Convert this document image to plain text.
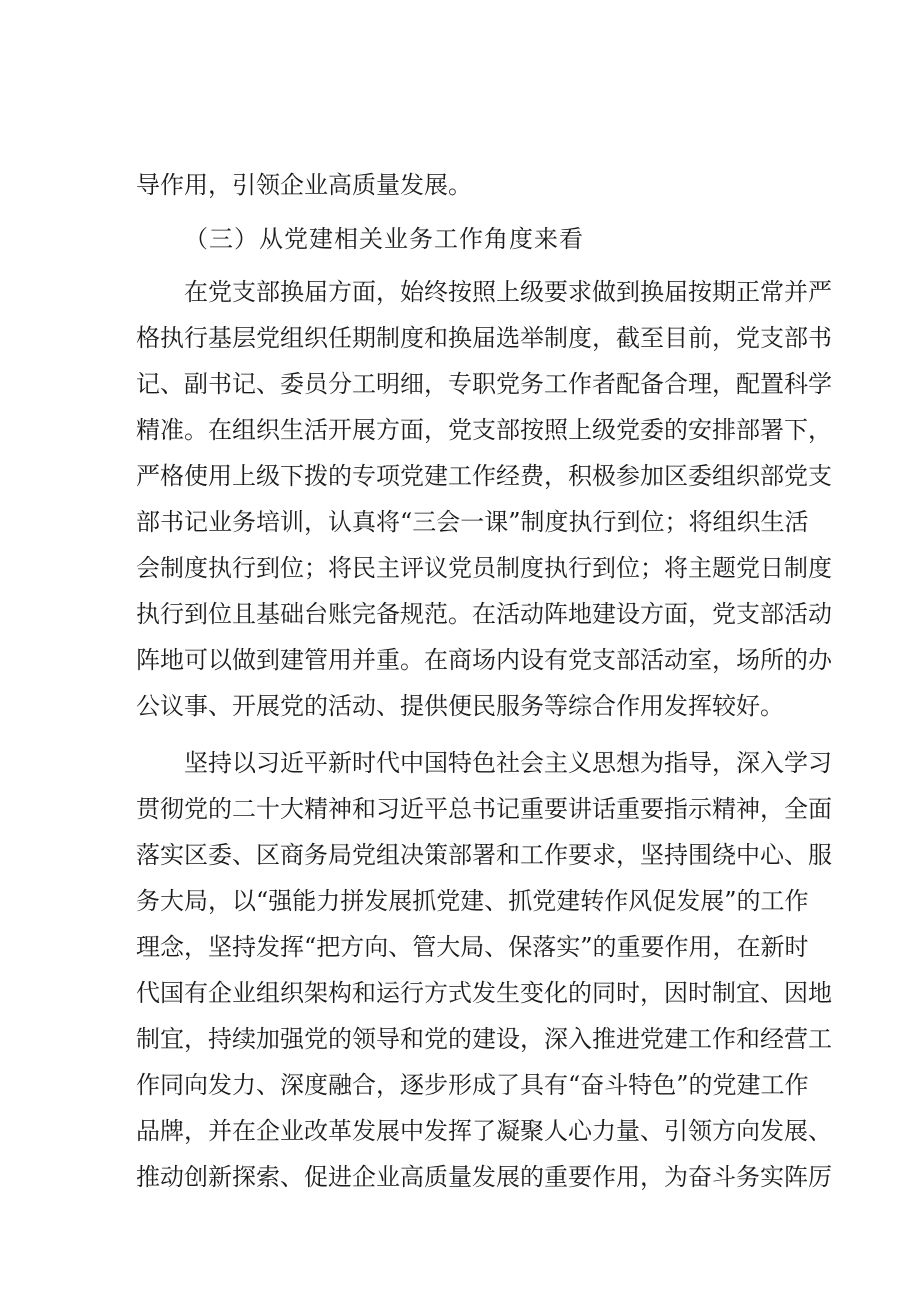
导作用，引领企业高质量发展。
（三）从党建相关业务工作角度来看
在党支部换届方面，始终按照上级要求做到换届按期正常并严
格执行基层党组织任期制度和换届选举制度，截至目前，党支部书
记、副书记、委员分工明细，专职党务工作者配备合理，配置科学
精准。在组织生活开展方面，党支部按照上级党委的安排部署下，
严格使用上级下拨的专项党建工作经费，积极参加区委组织部党支
部书记业务培训，认真将“三会一课”制度执行到位；将组织生活
会制度执行到位；将民主评议党员制度执行到位；将主题党日制度
执行到位且基础台账完备规范。在活动阵地建设方面，党支部活动
阵地可以做到建管用并重。在商场内设有党支部活动室，场所的办
公议事、开展党的活动、提供便民服务等综合作用发挥较好。
坚持以习近平新时代中国特色社会主义思想为指导，深入学习
贯彻党的二十大精神和习近平总书记重要讲话重要指示精神，全面
落实区委、区商务局党组决策部署和工作要求，坚持围绕中心、服
务大局，以“强能力拼发展抓党建、抓党建转作风促发展”的工作
理念，坚持发挥“把方向、管大局、保落实”的重要作用，在新时
代国有企业组织架构和运行方式发生变化的同时，因时制宜、因地
制宜，持续加强党的领导和党的建设，深入推进党建工作和经营工
作同向发力、深度融合，逐步形成了具有“奋斗特色”的党建工作
品牌，并在企业改革发展中发挥了凝聚人心力量、引领方向发展、
推动创新探索、促进企业高质量发展的重要作用，为奋斗务实阵厉
